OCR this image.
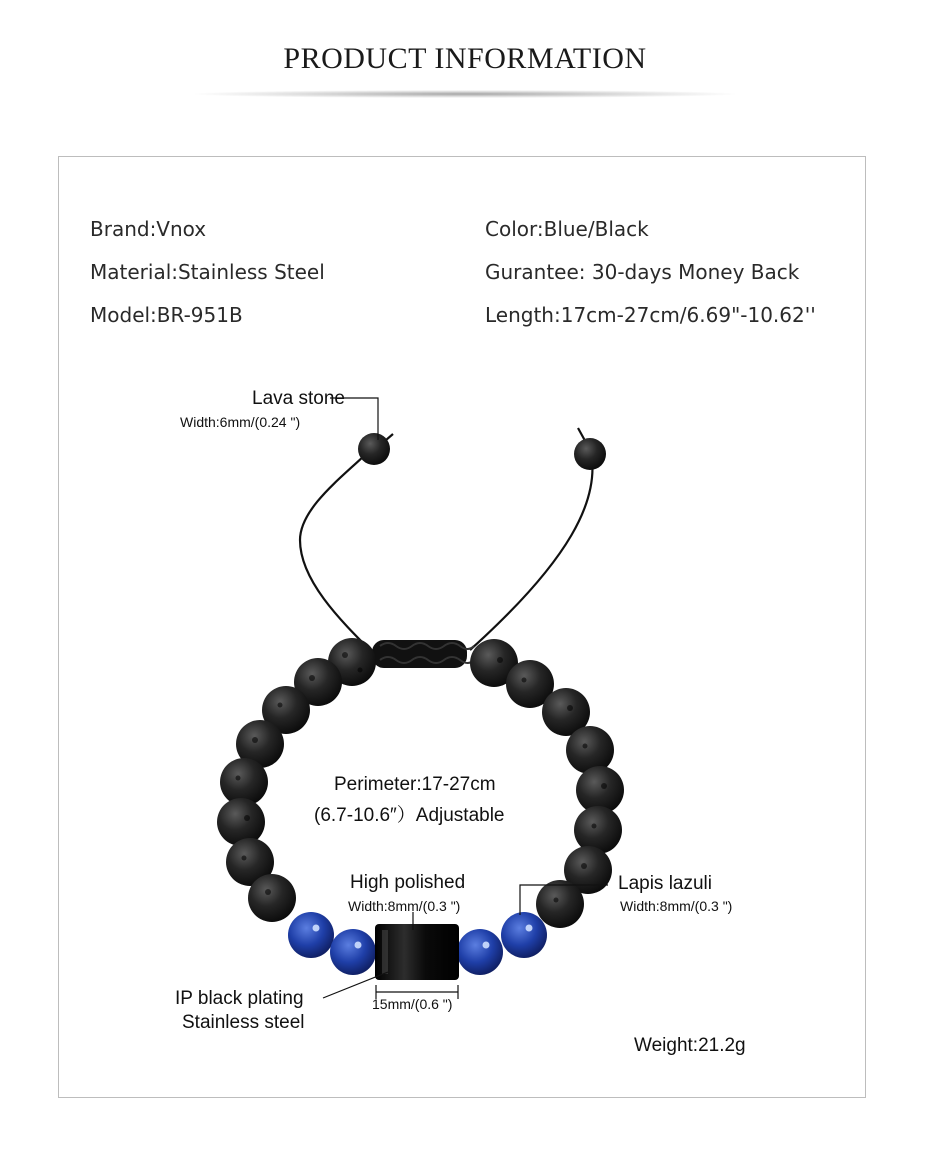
PRODUCT INFORMATION
Brand:Vnox
Material:Stainless Steel
Model:BR-951B
Color:Blue/Black
Gurantee: 30-days Money Back
Length:17cm-27cm/6.69"-10.62''
Lava stone
Width:6mm/(0.24 ")
Perimeter:17-27cm
(6.7-10.6″）Adjustable
High polished
Width:8mm/(0.3 ")
Lapis lazuli
Width:8mm/(0.3 ")
IP black plating
Stainless steel
15mm/(0.6 ")
Weight:21.2g
